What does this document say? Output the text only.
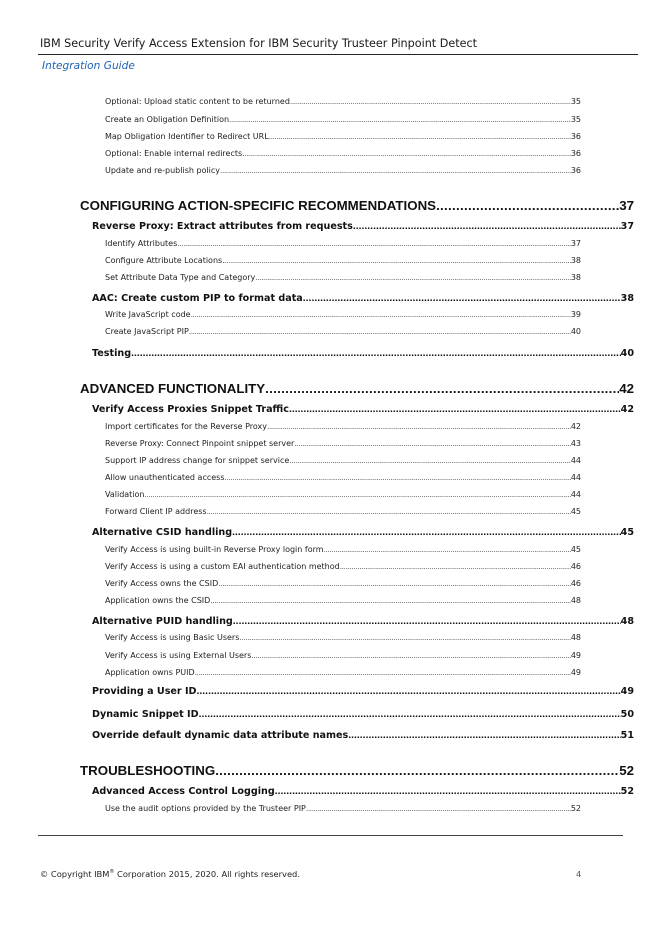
IBM Security Verify Access Extension for IBM Security Trusteer Pinpoint Detect
Integration Guide
Optional: Upload static content to be returned .....	35
Create an Obligation Definition .....	35
Map Obligation Identifier to Redirect URL .....	36
Optional: Enable internal redirects .....	36
Update and re-publish policy .....	36
CONFIGURING ACTION-SPECIFIC RECOMMENDATIONS .....	37
Reverse Proxy: Extract attributes from requests .....	37
Identify Attributes .....	37
Configure Attribute Locations .....	38
Set Attribute Data Type and Category .....	38
AAC: Create custom PIP to format data .....	38
Write JavaScript code .....	39
Create JavaScript PIP .....	40
Testing .....	40
ADVANCED FUNCTIONALITY .....	42
Verify Access Proxies Snippet Traffic .....	42
Import certificates for the Reverse Proxy .....	42
Reverse Proxy: Connect Pinpoint snippet server .....	43
Support IP address change for snippet service .....	44
Allow unauthenticated access .....	44
Validation .....	44
Forward Client IP address .....	45
Alternative CSID handling .....	45
Verify Access is using built-in Reverse Proxy login form .....	45
Verify Access is using a custom EAI authentication method .....	46
Verify Access owns the CSID .....	46
Application owns the CSID .....	48
Alternative PUID handling .....	48
Verify Access is using Basic Users .....	48
Verify Access is using External Users .....	49
Application owns PUID .....	49
Providing a User ID .....	49
Dynamic Snippet ID .....	50
Override default dynamic data attribute names .....	51
TROUBLESHOOTING .....	52
Advanced Access Control Logging .....	52
Use the audit options provided by the Trusteer PIP .....	52
© Copyright IBM® Corporation 2015, 2020. All rights reserved.	4
